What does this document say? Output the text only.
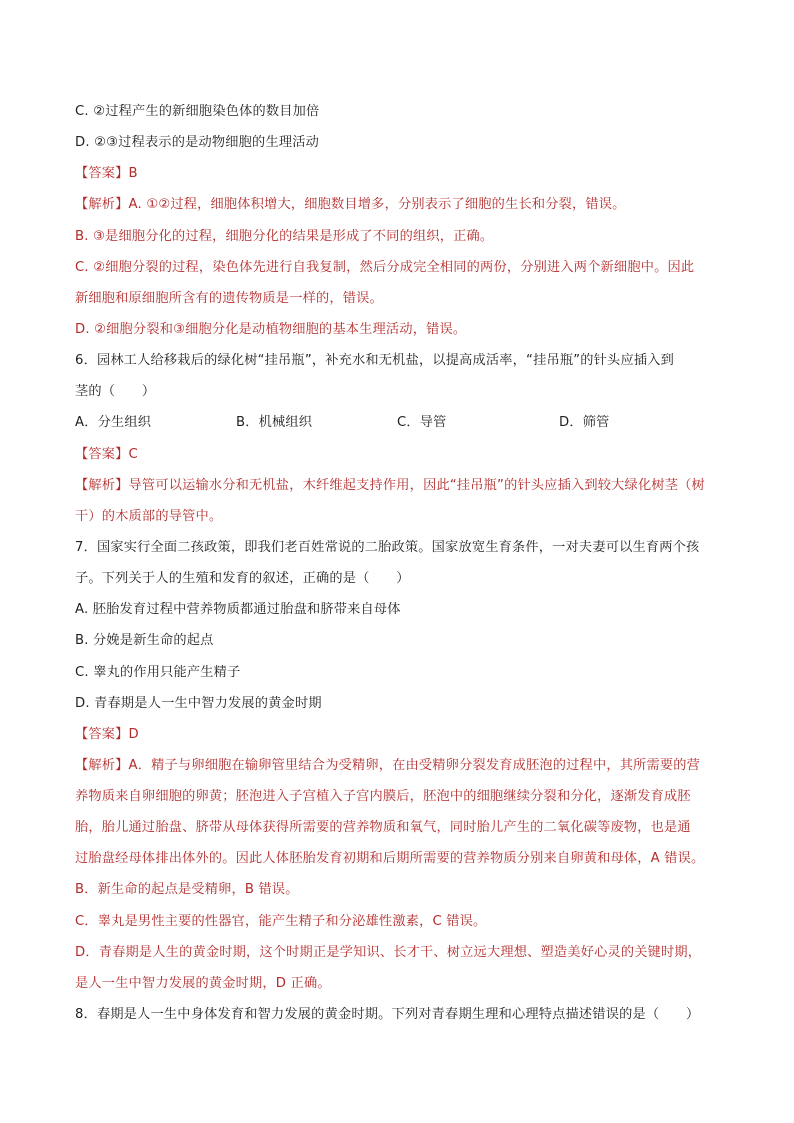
C. ②过程产生的新细胞染色体的数目加倍
D. ②③过程表示的是动物细胞的生理活动
【答案】B
【解析】A. ①②过程，细胞体积增大，细胞数目增多，分别表示了细胞的生长和分裂，错误。
B. ③是细胞分化的过程，细胞分化的结果是形成了不同的组织，正确。
C. ②细胞分裂的过程，染色体先进行自我复制，然后分成完全相同的两份，分别进入两个新细胞中。因此
新细胞和原细胞所含有的遗传物质是一样的，错误。
D. ②细胞分裂和③细胞分化是动植物细胞的基本生理活动，错误。
6．园林工人给移栽后的绿化树“挂吊瓶”，补充水和无机盐，以提高成活率，“挂吊瓶”的针头应插入到
茎的（　　）
A．分生组织	B．机械组织	C．导管	D．筛管
【答案】C
【解析】导管可以运输水分和无机盐，木纤维起支持作用，因此“挂吊瓶”的针头应插入到较大绿化树茎（树
干）的木质部的导管中。
7．国家实行全面二孩政策，即我们老百姓常说的二胎政策。国家放宽生育条件，一对夫妻可以生育两个孩
子。下列关于人的生殖和发育的叙述，正确的是（　　）
A. 胚胎发育过程中营养物质都通过胎盘和脐带来自母体
B. 分娩是新生命的起点
C. 睾丸的作用只能产生精子
D. 青春期是人一生中智力发展的黄金时期
【答案】D
【解析】A．精子与卵细胞在输卵管里结合为受精卵，在由受精卵分裂发育成胚泡的过程中，其所需要的营
养物质来自卵细胞的卵黄；胚泡进入子宫植入子宫内膜后，胚泡中的细胞继续分裂和分化，逐渐发育成胚
胎，胎儿通过胎盘、脐带从母体获得所需要的营养物质和氧气，同时胎儿产生的二氧化碳等废物，也是通
过胎盘经母体排出体外的。因此人体胚胎发育初期和后期所需要的营养物质分别来自卵黄和母体，A 错误。
B．新生命的起点是受精卵，B 错误。
C．睾丸是男性主要的性器官，能产生精子和分泌雄性激素，C 错误。
D．青春期是人生的黄金时期，这个时期正是学知识、长才干、树立远大理想、塑造美好心灵的关键时期，
是人一生中智力发展的黄金时期，D 正确。
8．春期是人一生中身体发育和智力发展的黄金时期。下列对青春期生理和心理特点描述错误的是（　　）
